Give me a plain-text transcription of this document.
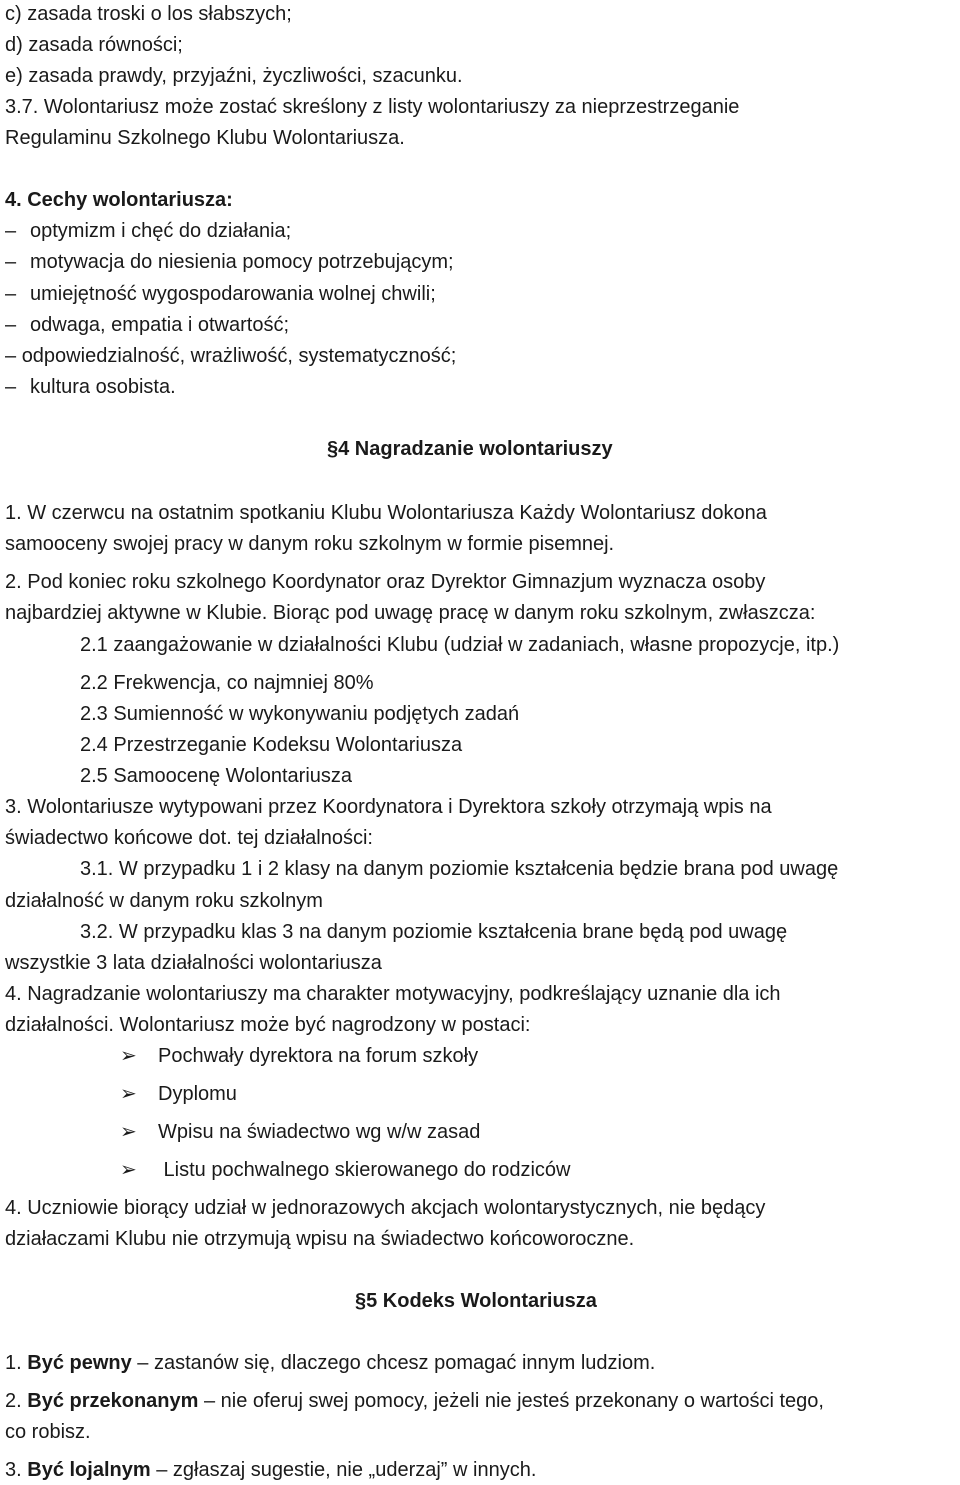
c) zasada troski o los słabszych;
d) zasada równości;
e) zasada prawdy, przyjaźni, życzliwości, szacunku.
3.7. Wolontariusz może zostać skreślony z listy wolontariuszy za nieprzestrzeganie
Regulaminu Szkolnego Klubu Wolontariusza.
4. Cechy wolontariusza:
– optymizm i chęć do działania;
– motywacja do niesienia pomocy potrzebującym;
– umiejętność wygospodarowania wolnej chwili;
– odwaga, empatia i otwartość;
– odpowiedzialność, wrażliwość, systematyczność;
– kultura osobista.
§4 Nagradzanie wolontariuszy
1. W czerwcu na ostatnim spotkaniu Klubu Wolontariusza Każdy Wolontariusz dokona
samooceny swojej pracy w danym roku szkolnym w formie pisemnej.
2. Pod koniec roku szkolnego Koordynator oraz Dyrektor Gimnazjum wyznacza osoby
najbardziej aktywne w Klubie. Biorąc pod uwagę pracę w danym roku szkolnym, zwłaszcza:
2.1 zaangażowanie w działalności Klubu (udział w zadaniach, własne propozycje, itp.)
2.2 Frekwencja, co najmniej 80%
2.3 Sumienność w wykonywaniu podjętych zadań
2.4 Przestrzeganie Kodeksu Wolontariusza
2.5 Samoocenę Wolontariusza
3. Wolontariusze wytypowani przez Koordynatora i Dyrektora szkoły otrzymają wpis na
świadectwo końcowe dot. tej działalności:
3.1. W przypadku 1 i 2 klasy na danym poziomie kształcenia będzie brana pod uwagę
działalność w danym roku szkolnym
3.2. W przypadku klas 3 na danym poziomie kształcenia brane będą pod uwagę
wszystkie 3 lata działalności wolontariusza
4. Nagradzanie wolontariuszy ma charakter motywacyjny, podkreślający uznanie dla ich
działalności. Wolontariusz może być nagrodzony w postaci:
➢ Pochwały dyrektora na forum szkoły
➢ Dyplomu
➢ Wpisu na świadectwo wg w/w zasad
➢ Listu pochwalnego skierowanego do rodziców
4. Uczniowie biorący udział w jednorazowych akcjach wolontarystycznych, nie będący
działaczami Klubu nie otrzymują wpisu na świadectwo końcoworoczne.
§5 Kodeks Wolontariusza
1. Być pewny – zastanów się, dlaczego chcesz pomagać innym ludziom.
2. Być przekonanym – nie oferuj swej pomocy, jeżeli nie jesteś przekonany o wartości tego,
co robisz.
3. Być lojalnym – zgłaszaj sugestie, nie „uderzaj” w innych.
